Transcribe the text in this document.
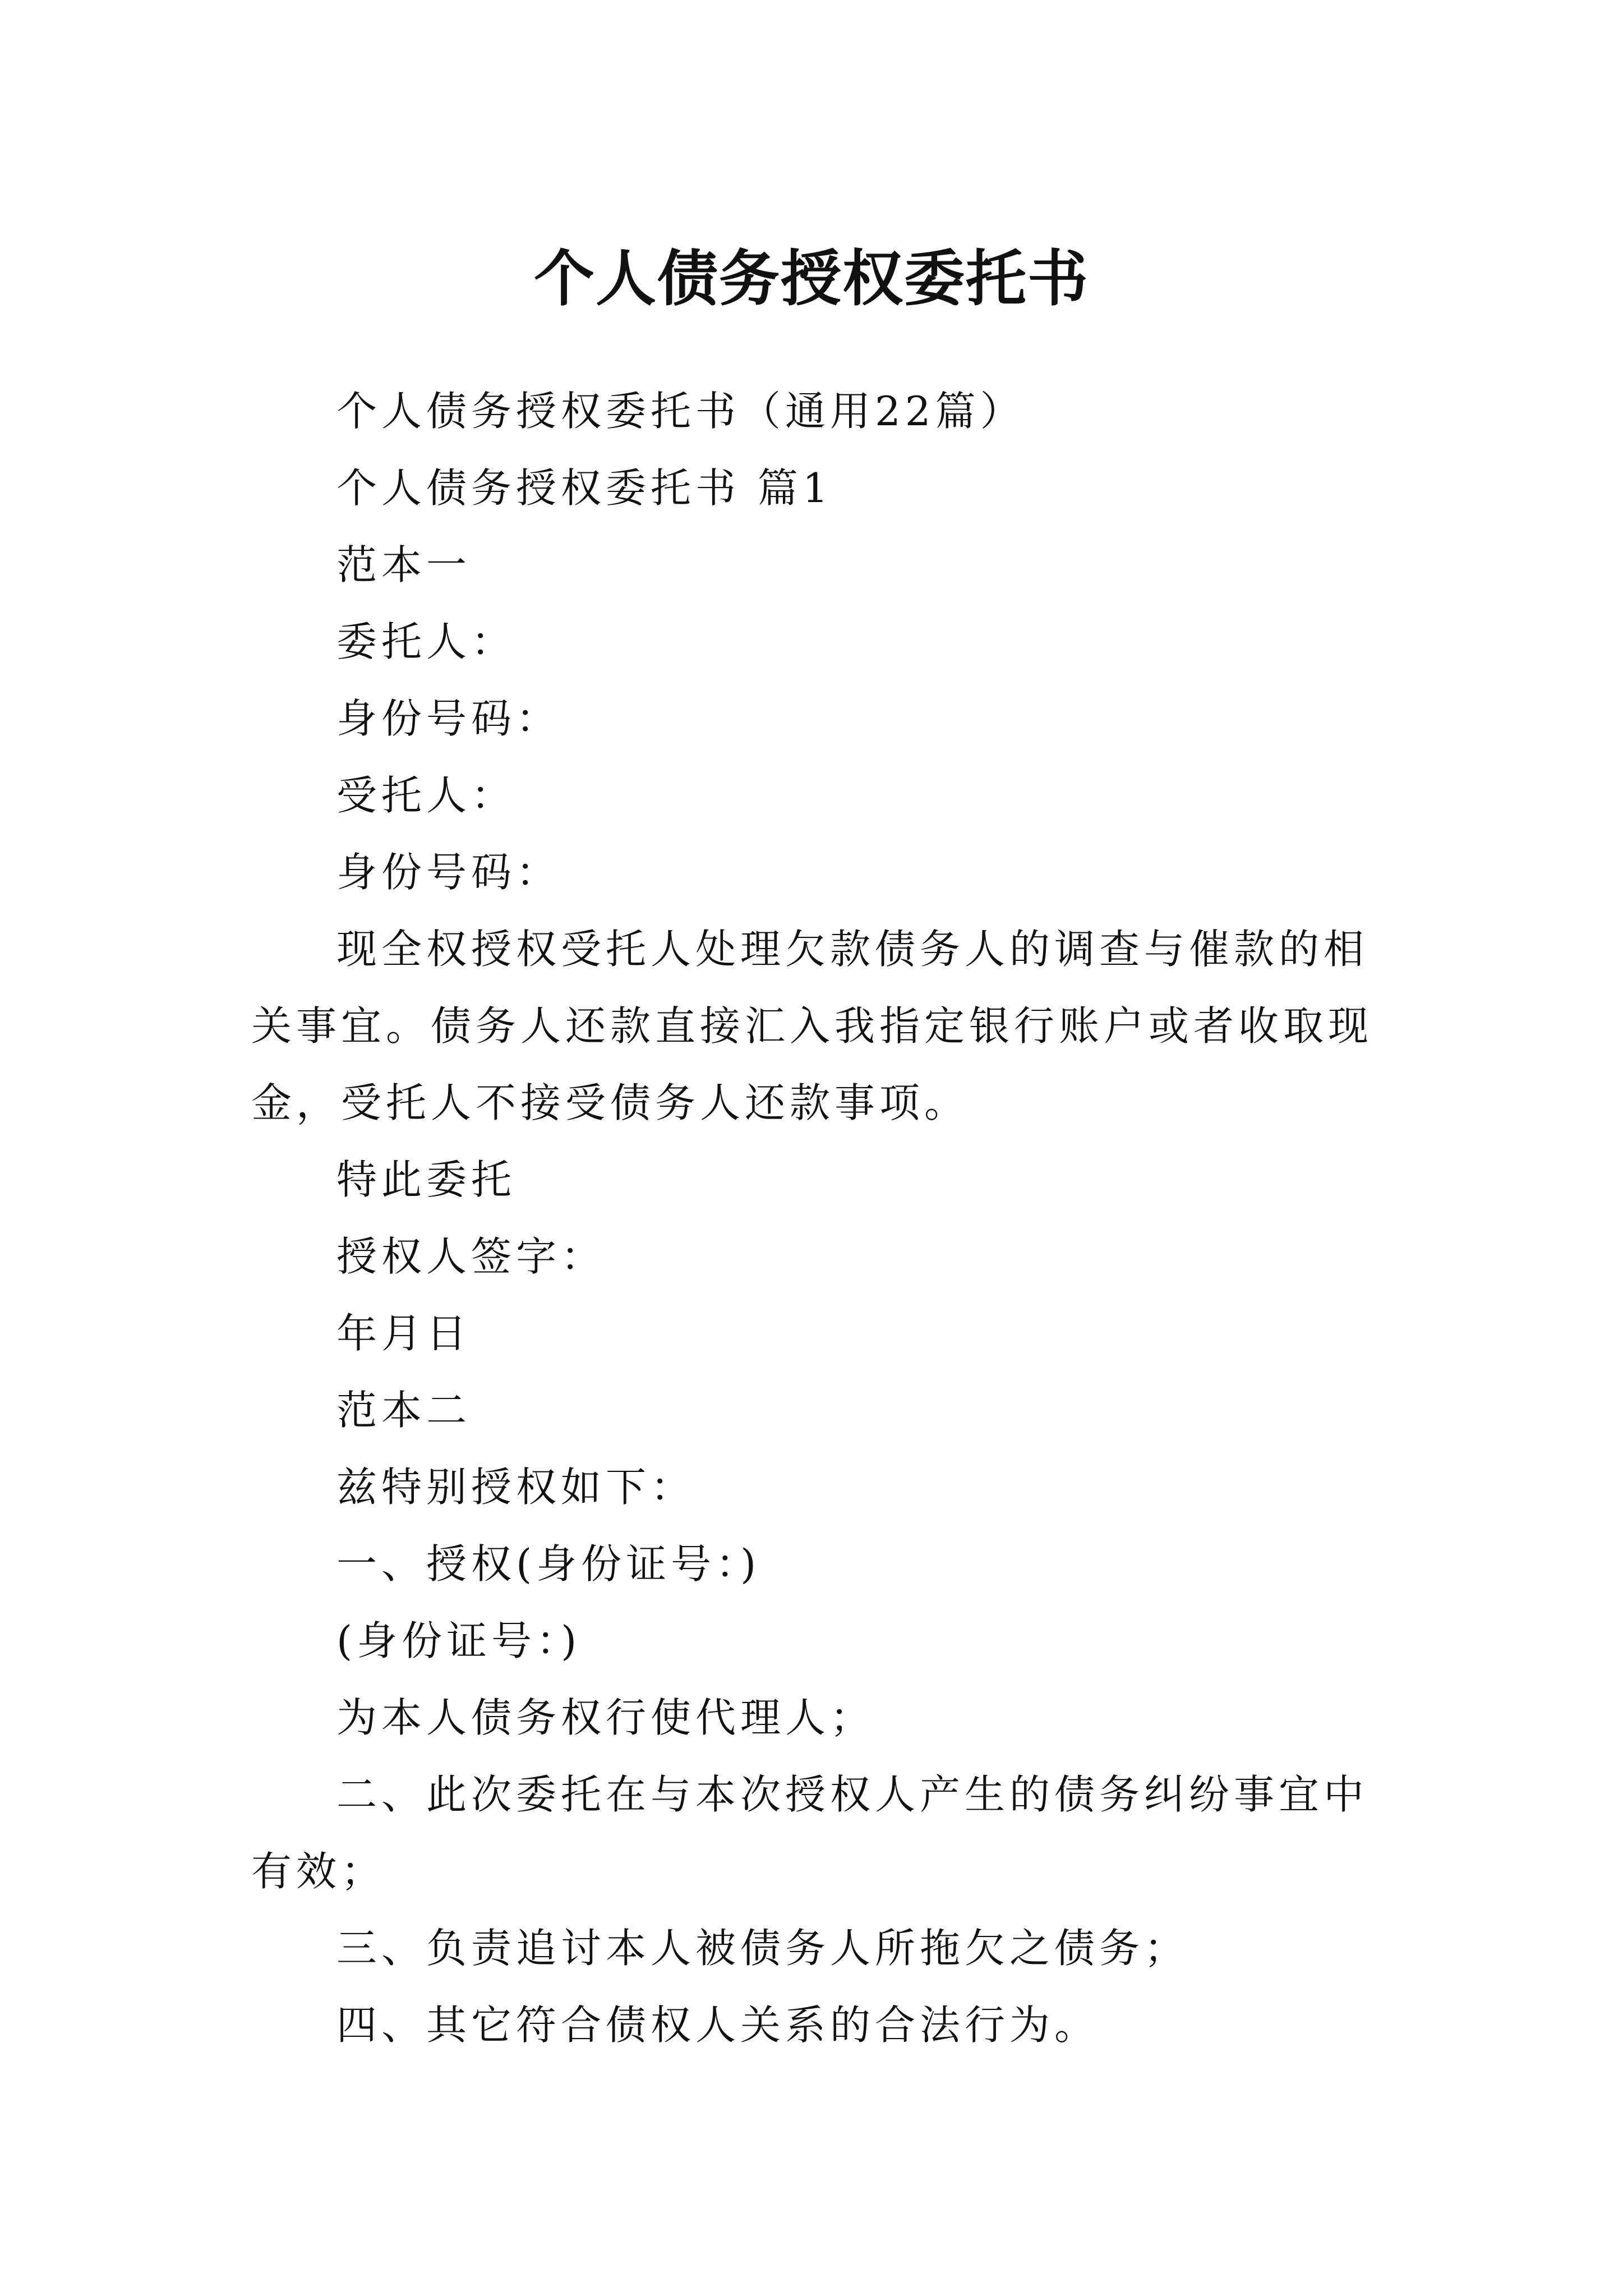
个人债务授权委托书

个人债务授权委托书（通用22篇）

个人债务授权委托书 篇1

范本一

委托人：

身份号码：

受托人：

身份号码：

现全权授权受托人处理欠款债务人的调查与催款的相关事宜。债务人还款直接汇入我指定银行账户或者收取现金，受托人不接受债务人还款事项。

特此委托

授权人签字：

年月日

范本二

兹特别授权如下：

一、授权(身份证号：)

(身份证号：)

为本人债务权行使代理人；

二、此次委托在与本次授权人产生的债务纠纷事宜中有效；

三、负责追讨本人被债务人所拖欠之债务；

四、其它符合债权人关系的合法行为。
